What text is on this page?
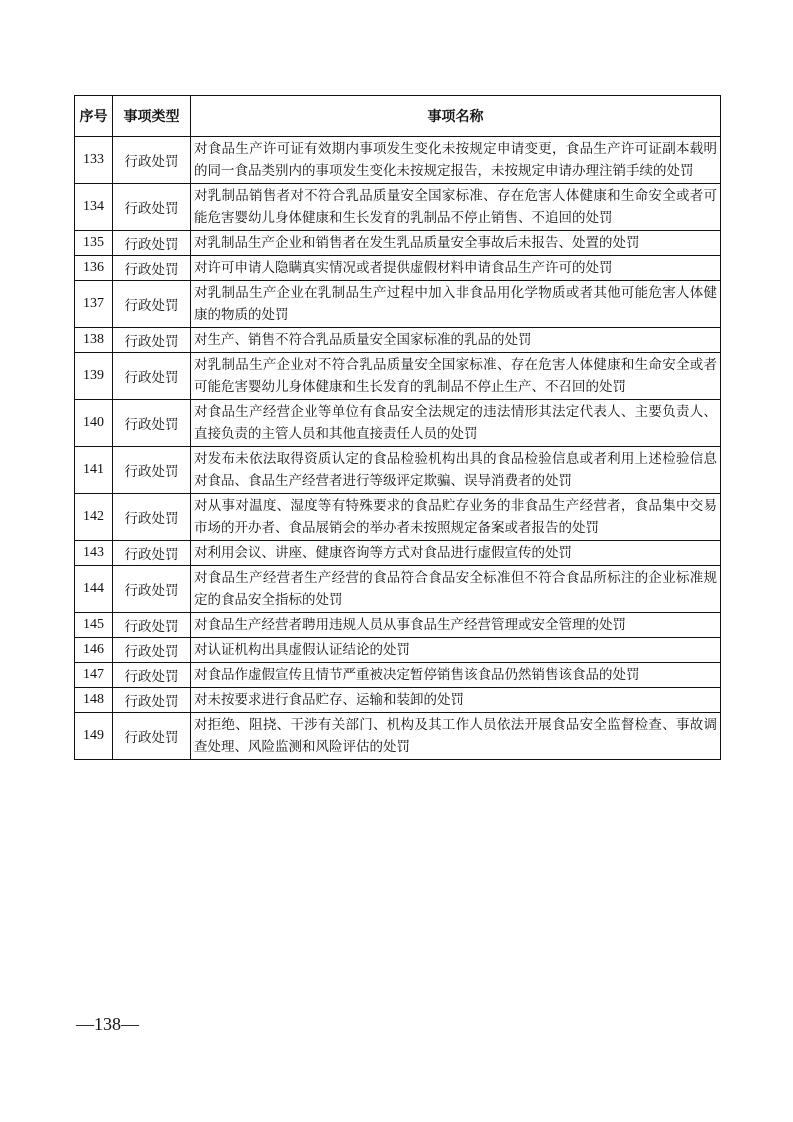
序号	事项类型	事项名称
133	行政处罚	对食品生产许可证有效期内事项发生变化未按规定申请变更，食品生产许可证副本载明的同一食品类别内的事项发生变化未按规定报告，未按规定申请办理注销手续的处罚
134	行政处罚	对乳制品销售者对不符合乳品质量安全国家标准、存在危害人体健康和生命安全或者可能危害婴幼儿身体健康和生长发育的乳制品不停止销售、不追回的处罚
135	行政处罚	对乳制品生产企业和销售者在发生乳品质量安全事故后未报告、处置的处罚
136	行政处罚	对许可申请人隐瞒真实情况或者提供虚假材料申请食品生产许可的处罚
137	行政处罚	对乳制品生产企业在乳制品生产过程中加入非食品用化学物质或者其他可能危害人体健康的物质的处罚
138	行政处罚	对生产、销售不符合乳品质量安全国家标准的乳品的处罚
139	行政处罚	对乳制品生产企业对不符合乳品质量安全国家标准、存在危害人体健康和生命安全或者可能危害婴幼儿身体健康和生长发育的乳制品不停止生产、不召回的处罚
140	行政处罚	对食品生产经营企业等单位有食品安全法规定的违法情形其法定代表人、主要负责人、直接负责的主管人员和其他直接责任人员的处罚
141	行政处罚	对发布未依法取得资质认定的食品检验机构出具的食品检验信息或者利用上述检验信息对食品、食品生产经营者进行等级评定欺骗、误导消费者的处罚
142	行政处罚	对从事对温度、湿度等有特殊要求的食品贮存业务的非食品生产经营者，食品集中交易市场的开办者、食品展销会的举办者未按照规定备案或者报告的处罚
143	行政处罚	对利用会议、讲座、健康咨询等方式对食品进行虚假宣传的处罚
144	行政处罚	对食品生产经营者生产经营的食品符合食品安全标准但不符合食品所标注的企业标准规定的食品安全指标的处罚
145	行政处罚	对食品生产经营者聘用违规人员从事食品生产经营管理或安全管理的处罚
146	行政处罚	对认证机构出具虚假认证结论的处罚
147	行政处罚	对食品作虚假宣传且情节严重被决定暂停销售该食品仍然销售该食品的处罚
148	行政处罚	对未按要求进行食品贮存、运输和装卸的处罚
149	行政处罚	对拒绝、阻挠、干涉有关部门、机构及其工作人员依法开展食品安全监督检查、事故调查处理、风险监测和风险评估的处罚
—138—
